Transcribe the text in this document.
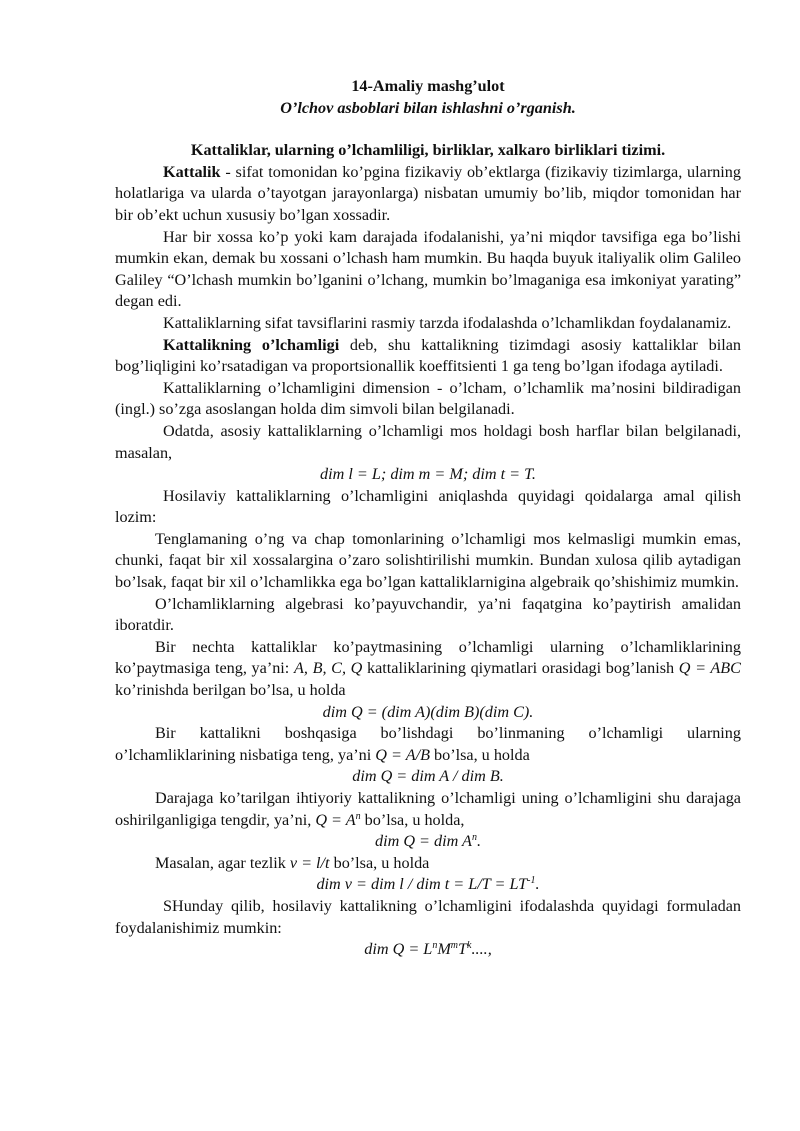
14-Amaliy mashg’ulot
O’lchov asboblari bilan ishlashni o’rganish.
Kattaliklar, ularning o’lchamliligi, birliklar, xalkaro birliklari tizimi.
Kattalik - sifat tomonidan ko’pgina fizikaviy ob’ektlarga (fizikaviy tizimlarga, ularning holatlariga va ularda o’tayotgan jarayonlarga) nisbatan umumiy bo’lib, miqdor tomonidan har bir ob’ekt uchun xususiy bo’lgan xossadir.
Har bir xossa ko’p yoki kam darajada ifodalanishi, ya’ni miqdor tavsifiga ega bo’lishi mumkin ekan, demak bu xossani o’lchash ham mumkin. Bu haqda buyuk italiyalik olim Galileo Galiley “O’lchash mumkin bo’lganini o’lchang, mumkin bo’lmaganiga esa imkoniyat yarating” degan edi.
Kattaliklarning sifat tavsiflarini rasmiy tarzda ifodalashda o’lchamlikdan foydalanamiz.
Kattalikning o’lchamligi deb, shu kattalikning tizimdagi asosiy kattaliklar bilan bog’liqligini ko’rsatadigan va proportsionallik koeffitsienti 1 ga teng bo’lgan ifodaga aytiladi.
Kattaliklarning o’lchamligini dimension - o’lcham, o’lchamlik ma’nosini bildiradigan (ingl.) so’zga asoslangan holda dim simvoli bilan belgilanadi.
Odatda, asosiy kattaliklarning o’lchamligi mos holdagi bosh harflar bilan belgilanadi, masalan,
dim l = L; dim m = M; dim t = T.
Hosilaviy kattaliklarning o’lchamligini aniqlashda quyidagi qoidalarga amal qilish lozim:
Tenglamaning o’ng va chap tomonlarining o’lchamligi mos kelmasligi mumkin emas, chunki, faqat bir xil xossalargina o’zaro solishtirilishi mumkin. Bundan xulosa qilib aytadigan bo’lsak, faqat bir xil o’lchamlikka ega bo’lgan kattaliklarnigina algebraik qo’shishimiz mumkin.
O’lchamliklarning algebrasi ko’payuvchandir, ya’ni faqatgina ko’paytirish amalidan iboratdir.
Bir nechta kattaliklar ko’paytmasining o’lchamligi ularning o’lchamliklarining ko’paytmasiga teng, ya’ni: A, B, C, Q kattaliklarining qiymatlari orasidagi bog’lanish Q = ABC ko’rinishda berilgan bo’lsa, u holda
dim Q = (dim A)(dim B)(dim C).
Bir kattalikni boshqasiga bo’lishdagi bo’linmaning o’lchamligi ularning o’lchamliklarining nisbatiga teng, ya’ni Q = A/B bo’lsa, u holda
dim Q = dim A / dim B.
Darajaga ko’tarilgan ihtiyoriy kattalikning o’lchamligi uning o’lchamligini shu darajaga oshirilganligiga tengdir, ya’ni, $Q = A^n$ bo’lsa, u holda,
dim Q = dim $A^n$.
Masalan, agar tezlik v = l/t bo’lsa, u holda
dim v = dim l / dim $t = L/T = LT^{-1}$.
SHunday qilib, hosilaviy kattalikning o’lchamligini ifodalashda quyidagi formuladan foydalanishimiz mumkin:
dim $Q = L^nM^mT^k$....,
